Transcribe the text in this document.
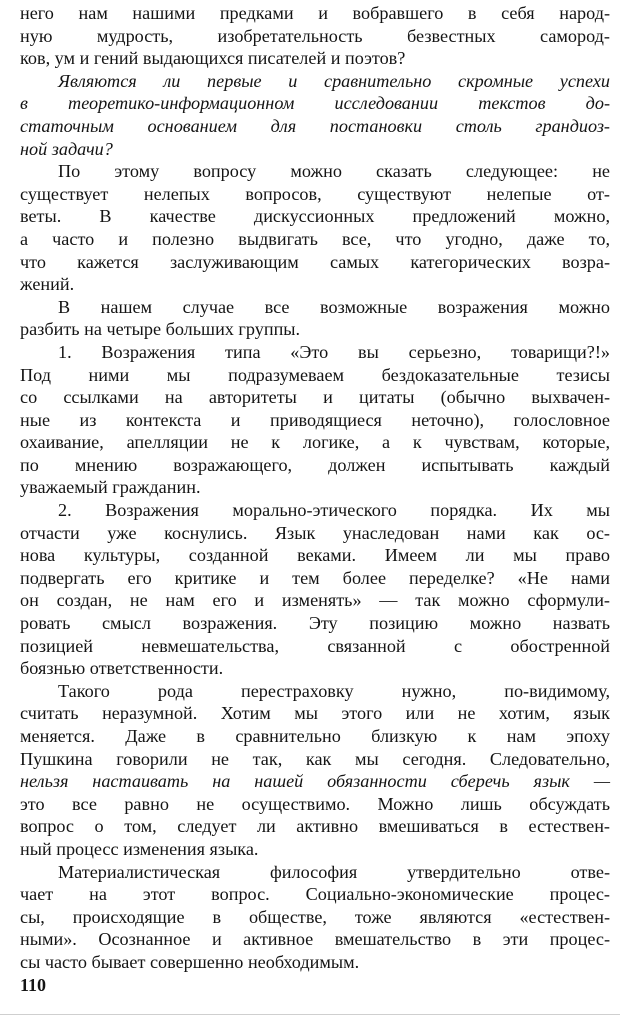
него нам нашими предками и вобравшего в себя народ-
ную мудрость, изобретательность безвестных самород-
ков, ум и гений выдающихся писателей и поэтов?
Являются ли первые и сравнительно скромные успехи
в теоретико-информационном исследовании текстов до-
статочным основанием для постановки столь грандиоз-
ной задачи?
По этому вопросу можно сказать следующее: не
существует нелепых вопросов, существуют нелепые от-
веты. В качестве дискуссионных предложений можно,
а часто и полезно выдвигать все, что угодно, даже то,
что кажется заслуживающим самых категорических возра-
жений.
В нашем случае все возможные возражения можно
разбить на четыре больших группы.
1. Возражения типа «Это вы серьезно, товарищи?!»
Под ними мы подразумеваем бездоказательные тезисы
со ссылками на авторитеты и цитаты (обычно выхвачен-
ные из контекста и приводящиеся неточно), голословное
охаивание, апелляции не к логике, а к чувствам, которые,
по мнению возражающего, должен испытывать каждый
уважаемый гражданин.
2. Возражения морально-этического порядка. Их мы
отчасти уже коснулись. Язык унаследован нами как ос-
нова культуры, созданной веками. Имеем ли мы право
подвергать его критике и тем более переделке? «Не нами
он создан, не нам его и изменять» — так можно сформули-
ровать смысл возражения. Эту позицию можно назвать
позицией невмешательства, связанной с обостренной
боязнью ответственности.
Такого рода перестраховку нужно, по-видимому,
считать неразумной. Хотим мы этого или не хотим, язык
меняется. Даже в сравнительно близкую к нам эпоху
Пушкина говорили не так, как мы сегодня. Следовательно,
нельзя настаивать на нашей обязанности сберечь язык —
это все равно не осуществимо. Можно лишь обсуждать
вопрос о том, следует ли активно вмешиваться в естествен-
ный процесс изменения языка.
Материалистическая философия утвердительно отве-
чает на этот вопрос. Социально-экономические процес-
сы, происходящие в обществе, тоже являются «естествен-
ными». Осознанное и активное вмешательство в эти процес-
сы часто бывает совершенно необходимым.
110
